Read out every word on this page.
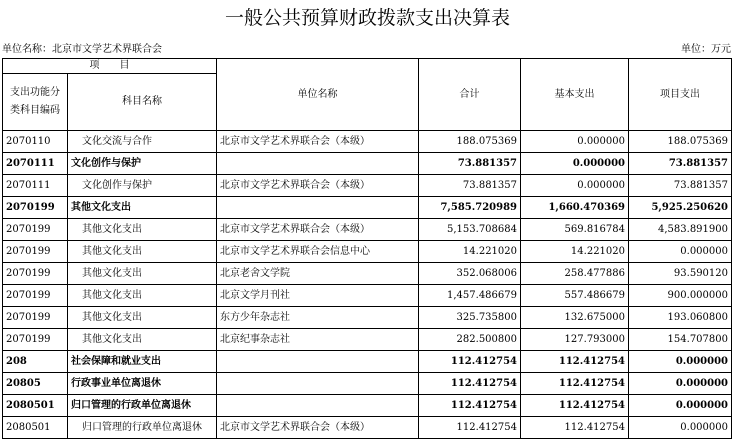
一般公共预算财政拨款支出决算表
单位名称：北京市文学艺术界联合会	单位：万元
项　　目		单位名称	合计	基本支出	项目支出
支出功能分类科目编码	科目名称				
2070110	文化交流与合作	北京市文学艺术界联合会（本级）	188.075369	0.000000	188.075369
2070111	文化创作与保护		73.881357	0.000000	73.881357
2070111	文化创作与保护	北京市文学艺术界联合会（本级）	73.881357	0.000000	73.881357
2070199	其他文化支出		7,585.720989	1,660.470369	5,925.250620
2070199	其他文化支出	北京市文学艺术界联合会（本级）	5,153.708684	569.816784	4,583.891900
2070199	其他文化支出	北京市文学艺术界联合会信息中心	14.221020	14.221020	0.000000
2070199	其他文化支出	北京老舍文学院	352.068006	258.477886	93.590120
2070199	其他文化支出	北京文学月刊社	1,457.486679	557.486679	900.000000
2070199	其他文化支出	东方少年杂志社	325.735800	132.675000	193.060800
2070199	其他文化支出	北京纪事杂志社	282.500800	127.793000	154.707800
208	社会保障和就业支出		112.412754	112.412754	0.000000
20805	行政事业单位离退休		112.412754	112.412754	0.000000
2080501	归口管理的行政单位离退休		112.412754	112.412754	0.000000
2080501	归口管理的行政单位离退休	北京市文学艺术界联合会（本级）	112.412754	112.412754	0.000000
